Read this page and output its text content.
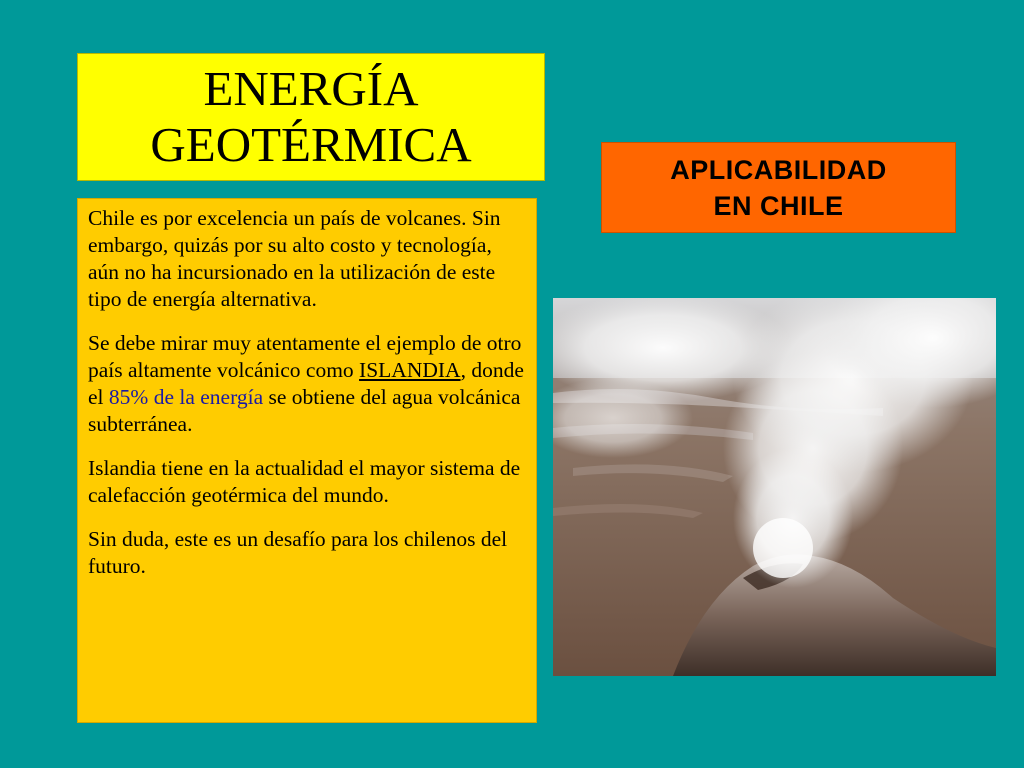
ENERGÍA
GEOTÉRMICA	APLICABILIDAD
EN CHILE

Chile es por excelencia un país de volcanes. Sin embargo, quizás por su alto costo y tecnología, aún no ha incursionado en la utilización de este tipo de energía alternativa.

Se debe mirar muy atentamente el ejemplo de otro país altamente volcánico como ISLANDIA, donde el 85% de la energía se obtiene del agua volcánica subterránea.

Islandia tiene en la actualidad el mayor sistema de calefacción geotérmica del mundo.

Sin duda, este es un desafío para los chilenos del futuro.
